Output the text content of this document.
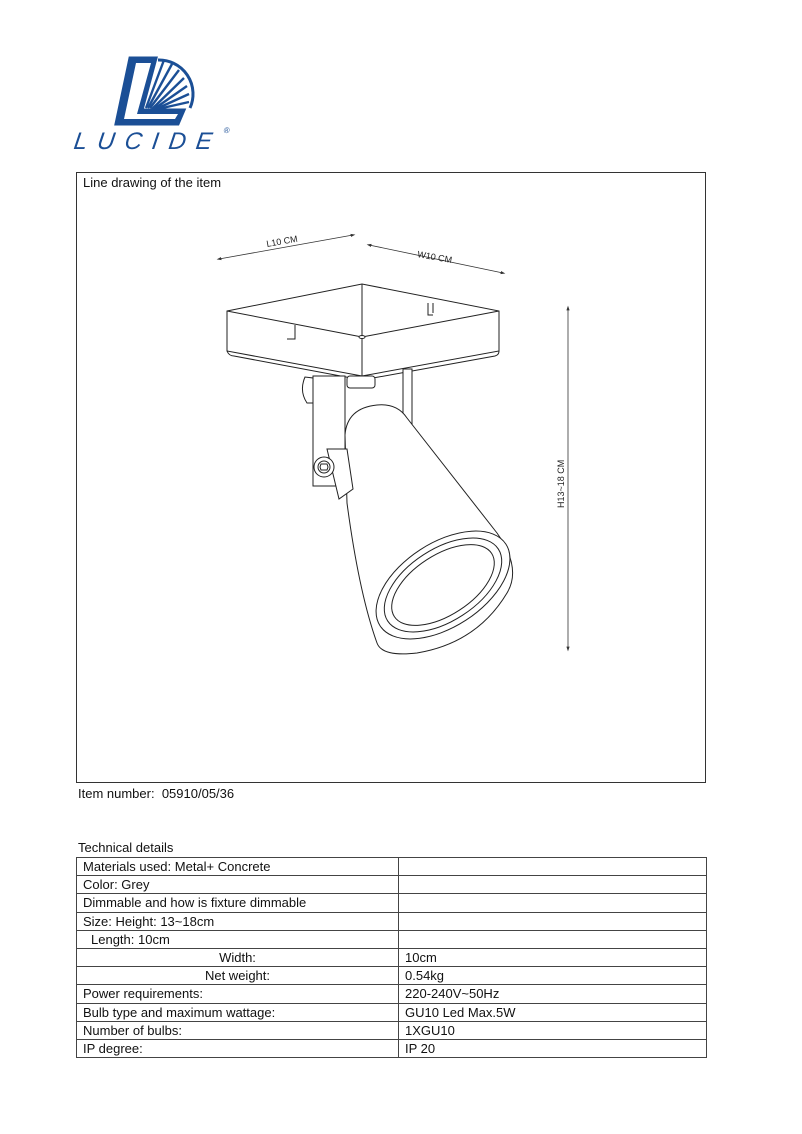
LUCIDE®
Line drawing of the item
L10 CM
W10 CM
H13~18 CM
Item number: 05910/05/36
Technical details
Materials used: Metal+ Concrete	
Color: Grey	
Dimmable and how is fixture dimmable	
Size: Height: 13~18cm	
Length: 10cm	
Width:	10cm
Net weight:	0.54kg
Power requirements:	220-240V~50Hz
Bulb type and maximum wattage:	GU10 Led Max.5W
Number of bulbs:	1XGU10
IP degree:	IP 20
